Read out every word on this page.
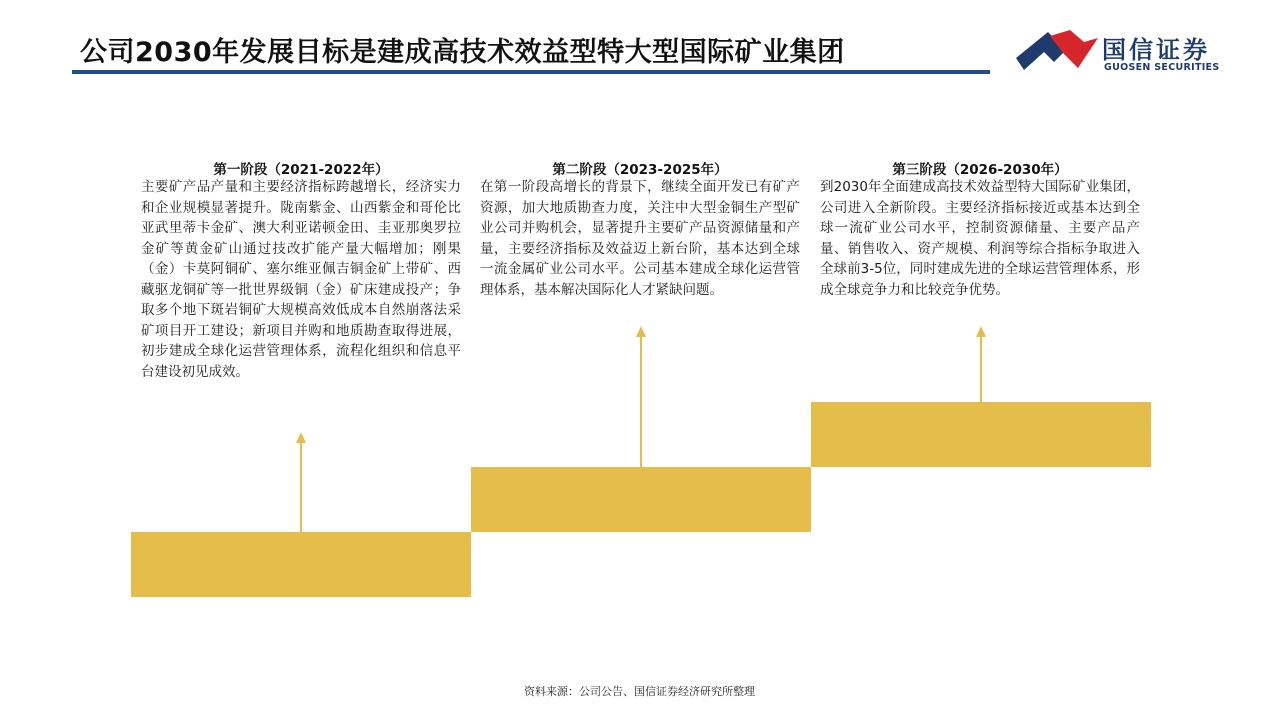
公司2030年发展目标是建成高技术效益型特大型国际矿业集团	国信证券
GUOSEN SECURITIES
第一阶段（2021-2022年）
主要矿产品产量和主要经济指标跨越增长，经济实力和企业规模显著提升。陇南紫金、山西紫金和哥伦比亚武里蒂卡金矿、澳大利亚诺顿金田、圭亚那奥罗拉金矿等黄金矿山通过技改扩能产量大幅增加；刚果（金）卡莫阿铜矿、塞尔维亚佩吉铜金矿上带矿、西藏驱龙铜矿等一批世界级铜（金）矿床建成投产；争取多个地下斑岩铜矿大规模高效低成本自然崩落法采矿项目开工建设；新项目并购和地质勘查取得进展，初步建成全球化运营管理体系，流程化组织和信息平台建设初见成效。
第二阶段（2023-2025年）
在第一阶段高增长的背景下，继续全面开发已有矿产资源，加大地质勘查力度，关注中大型金铜生产型矿业公司并购机会，显著提升主要矿产品资源储量和产量，主要经济指标及效益迈上新台阶，基本达到全球一流金属矿业公司水平。公司基本建成全球化运营管理体系，基本解决国际化人才紧缺问题。
第三阶段（2026-2030年）
到2030年全面建成高技术效益型特大国际矿业集团，公司进入全新阶段。主要经济指标接近或基本达到全球一流矿业公司水平，控制资源储量、主要产品产量、销售收入、资产规模、利润等综合指标争取进入全球前3-5位，同时建成先进的全球运营管理体系，形成全球竞争力和比较竞争优势。
资料来源：公司公告、国信证券经济研究所整理
